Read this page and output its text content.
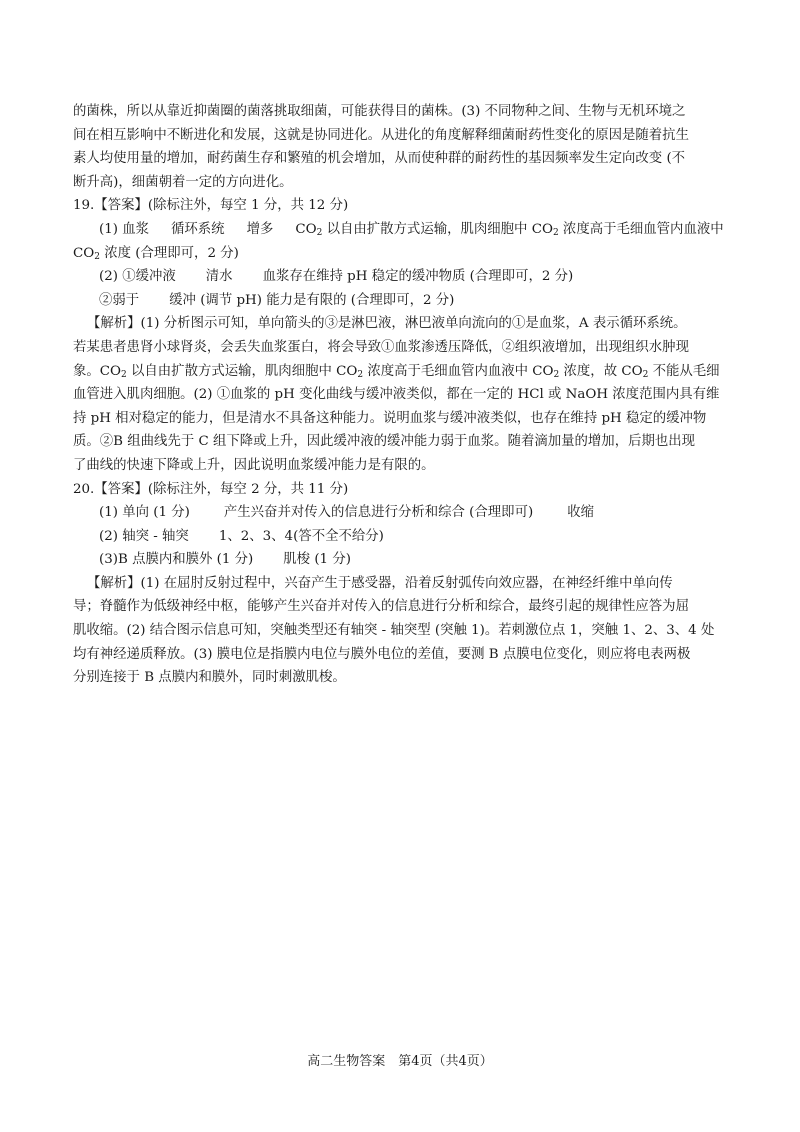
的菌株，所以从靠近抑菌圈的菌落挑取细菌，可能获得目的菌株。(3) 不同物种之间、生物与无机环境之
间在相互影响中不断进化和发展，这就是协同进化。从进化的角度解释细菌耐药性变化的原因是随着抗生
素人均使用量的增加，耐药菌生存和繁殖的机会增加，从而使种群的耐药性的基因频率发生定向改变 (不
断升高)，细菌朝着一定的方向进化。
19.【答案】(除标注外，每空 1 分，共 12 分)
(1) 血浆 循环系统 增多 $CO_2$ 以自由扩散方式运输，肌肉细胞中 $CO_2$ 浓度高于毛细血管内血液中
$CO_2$ 浓度 (合理即可，2 分)
(2) ①缓冲液 清水 血浆存在维持 pH 稳定的缓冲物质 (合理即可，2 分)
②弱于 缓冲 (调节 pH) 能力是有限的 (合理即可，2 分)
【解析】(1) 分析图示可知，单向箭头的③是淋巴液，淋巴液单向流向的①是血浆，A 表示循环系统。
若某患者患肾小球肾炎，会丢失血浆蛋白，将会导致①血浆渗透压降低，②组织液增加，出现组织水肿现
象。$CO_2$ 以自由扩散方式运输，肌肉细胞中 $CO_2$ 浓度高于毛细血管内血液中 $CO_2$ 浓度，故 $CO_2$ 不能从毛细
血管进入肌肉细胞。(2) ①血浆的 pH 变化曲线与缓冲液类似，都在一定的 HCl 或 NaOH 浓度范围内具有维
持 pH 相对稳定的能力，但是清水不具备这种能力。说明血浆与缓冲液类似，也存在维持 pH 稳定的缓冲物
质。②B 组曲线先于 C 组下降或上升，因此缓冲液的缓冲能力弱于血浆。随着滴加量的增加，后期也出现
了曲线的快速下降或上升，因此说明血浆缓冲能力是有限的。
20.【答案】(除标注外，每空 2 分，共 11 分)
(1) 单向 (1 分)	产生兴奋并对传入的信息进行分析和综合 (合理即可)	收缩
(2) 轴突 - 轴突 1、2、3、4(答不全不给分)
(3)B 点膜内和膜外 (1 分) 肌梭 (1 分)
【解析】(1) 在屈肘反射过程中，兴奋产生于感受器，沿着反射弧传向效应器，在神经纤维中单向传
导；脊髓作为低级神经中枢，能够产生兴奋并对传入的信息进行分析和综合，最终引起的规律性应答为屈
肌收缩。(2) 结合图示信息可知，突触类型还有轴突 - 轴突型 (突触 1)。若刺激位点 1，突触 1、2、3、4 处
均有神经递质释放。(3) 膜电位是指膜内电位与膜外电位的差值，要测 B 点膜电位变化，则应将电表两极
分别连接于 B 点膜内和膜外，同时刺激肌梭。
高二生物答案　第4页（共4页）
